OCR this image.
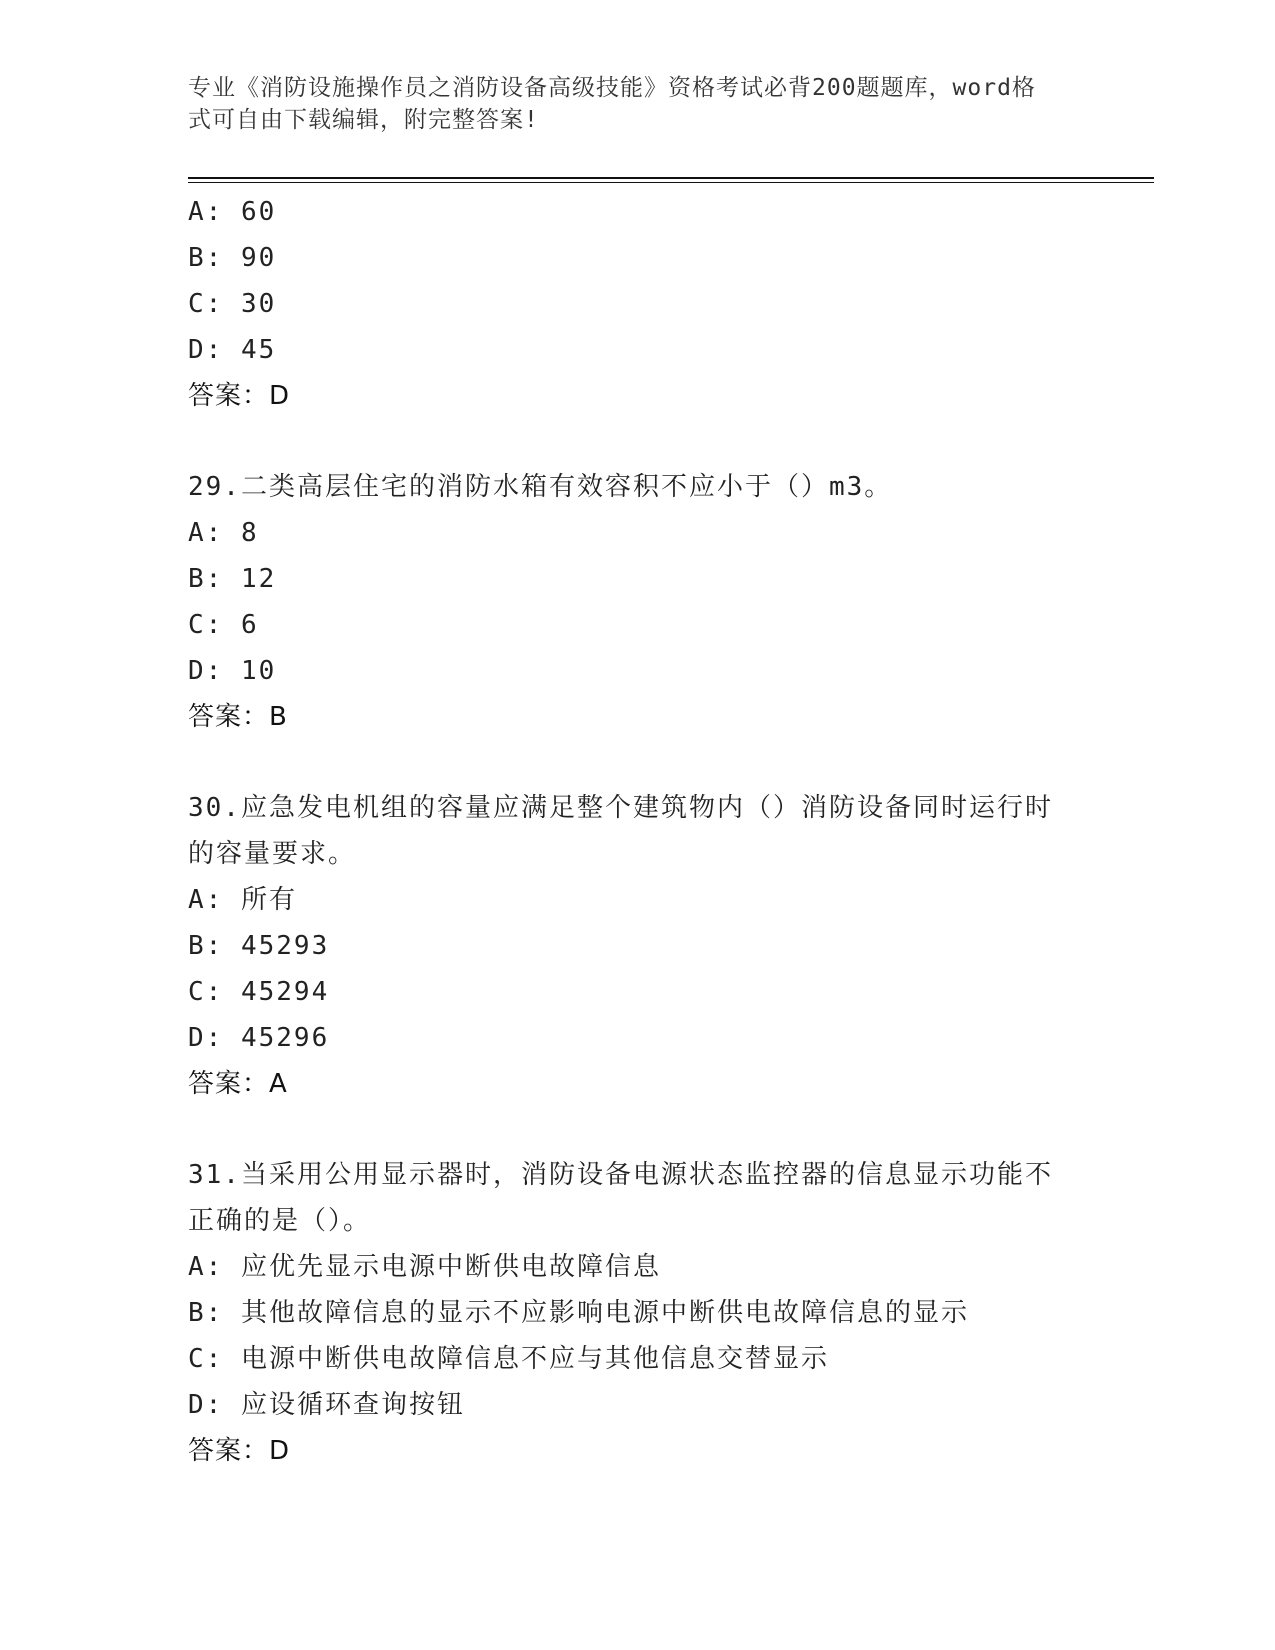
专业《消防设施操作员之消防设备高级技能》资格考试必背200题题库，word格
式可自由下载编辑，附完整答案!
A: 60
B: 90
C: 30
D: 45
答案：D
29.二类高层住宅的消防水箱有效容积不应小于（）m3。
A: 8
B: 12
C: 6
D: 10
答案：B
30.应急发电机组的容量应满足整个建筑物内（）消防设备同时运行时
的容量要求。
A: 所有
B: 45293
C: 45294
D: 45296
答案：A
31.当采用公用显示器时，消防设备电源状态监控器的信息显示功能不
正确的是（）。
A: 应优先显示电源中断供电故障信息
B: 其他故障信息的显示不应影响电源中断供电故障信息的显示
C: 电源中断供电故障信息不应与其他信息交替显示
D: 应设循环查询按钮
答案：D
